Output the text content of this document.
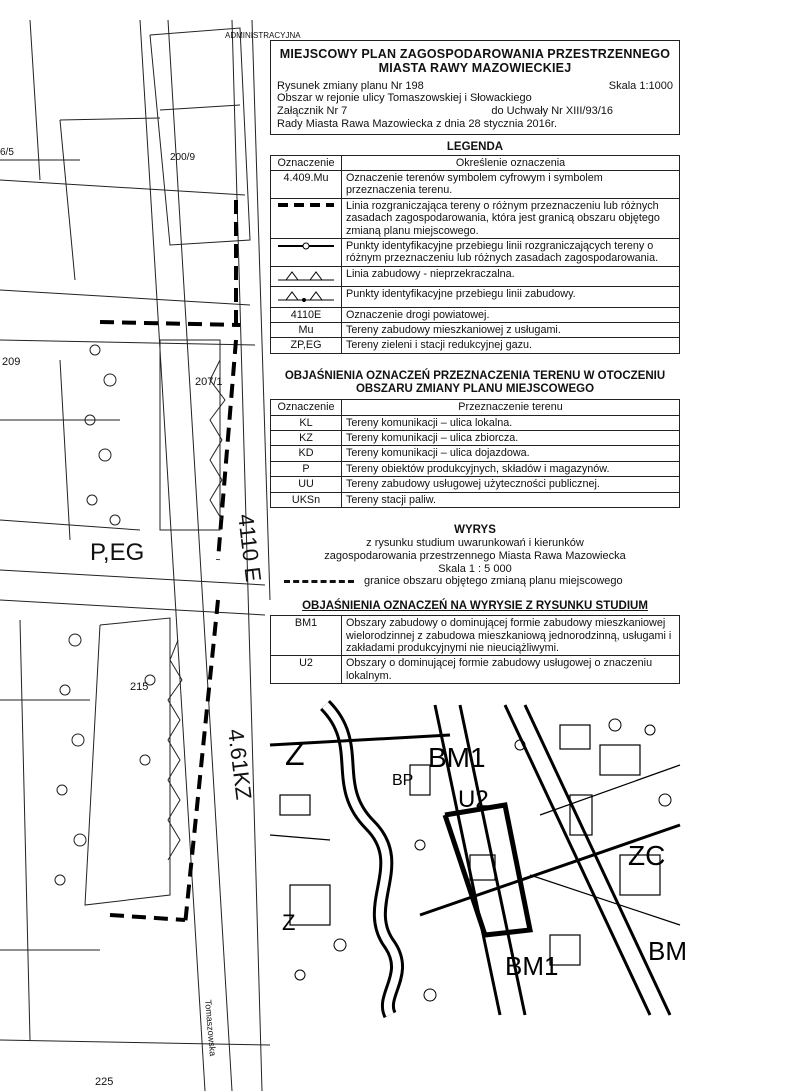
6/5	200/9
209
207/1
215
225
P,EG	4110 E
4.61KZ
Tomaszowska
ADMINISTRACYJNA
MIEJSCOWY PLAN ZAGOSPODAROWANIA PRZESTRZENNEGO
MIASTA RAWY MAZOWIECKIEJ
Rysunek zmiany planu Nr 198	Skala 1:1000
Obszar w rejonie ulicy Tomaszowskiej i Słowackiego
Załącznik Nr 7	do Uchwały Nr XIII/93/16
Rady Miasta Rawa Mazowiecka z dnia 28 stycznia 2016r.
LEGENDA
Oznaczenie	Określenie oznaczenia
4.409.Mu	Oznaczenie terenów symbolem cyfrowym i symbolem przeznaczenia terenu.
	Linia rozgraniczająca tereny o różnym przeznaczeniu lub różnych zasadach zagospodarowania, która jest granicą obszaru objętego zmianą planu miejscowego.
	Punkty identyfikacyjne przebiegu linii rozgraniczających tereny o różnym przeznaczeniu lub różnych zasadach zagospodarowania.
	Linia zabudowy - nieprzekraczalna.
	Punkty identyfikacyjne przebiegu linii zabudowy.
4110E	Oznaczenie drogi powiatowej.
Mu	Tereny zabudowy mieszkaniowej z usługami.
ZP,EG	Tereny zieleni i stacji redukcyjnej gazu.
OBJAŚNIENIA OZNACZEŃ PRZEZNACZENIA TERENU W OTOCZENIU
OBSZARU ZMIANY PLANU MIEJSCOWEGO
Oznaczenie	Przeznaczenie terenu
KL	Tereny komunikacji – ulica lokalna.
KZ	Tereny komunikacji – ulica zbiorcza.
KD	Tereny komunikacji – ulica dojazdowa.
P	Tereny obiektów produkcyjnych, składów i magazynów.
UU	Tereny zabudowy usługowej użyteczności publicznej.
UKSn	Tereny stacji paliw.
WYRYS
z rysunku studium uwarunkowań i kierunków
zagospodarowania przestrzennego Miasta Rawa Mazowiecka
Skala 1 : 5 000
granice obszaru objętego zmianą planu miejscowego
OBJAŚNIENIA OZNACZEŃ NA WYRYSIE Z RYSUNKU STUDIUM
BM1	Obszary zabudowy o dominującej formie zabudowy mieszkaniowej wielorodzinnej z zabudowa mieszkaniową jednorodzinną, usługami i zakładami produkcyjnymi nie nieuciążliwymi.
U2	Obszary o dominującej formie zabudowy usługowej o znaczeniu lokalnym.
BM1
U2
BM1	BM
Z
ZC
BP
Z
